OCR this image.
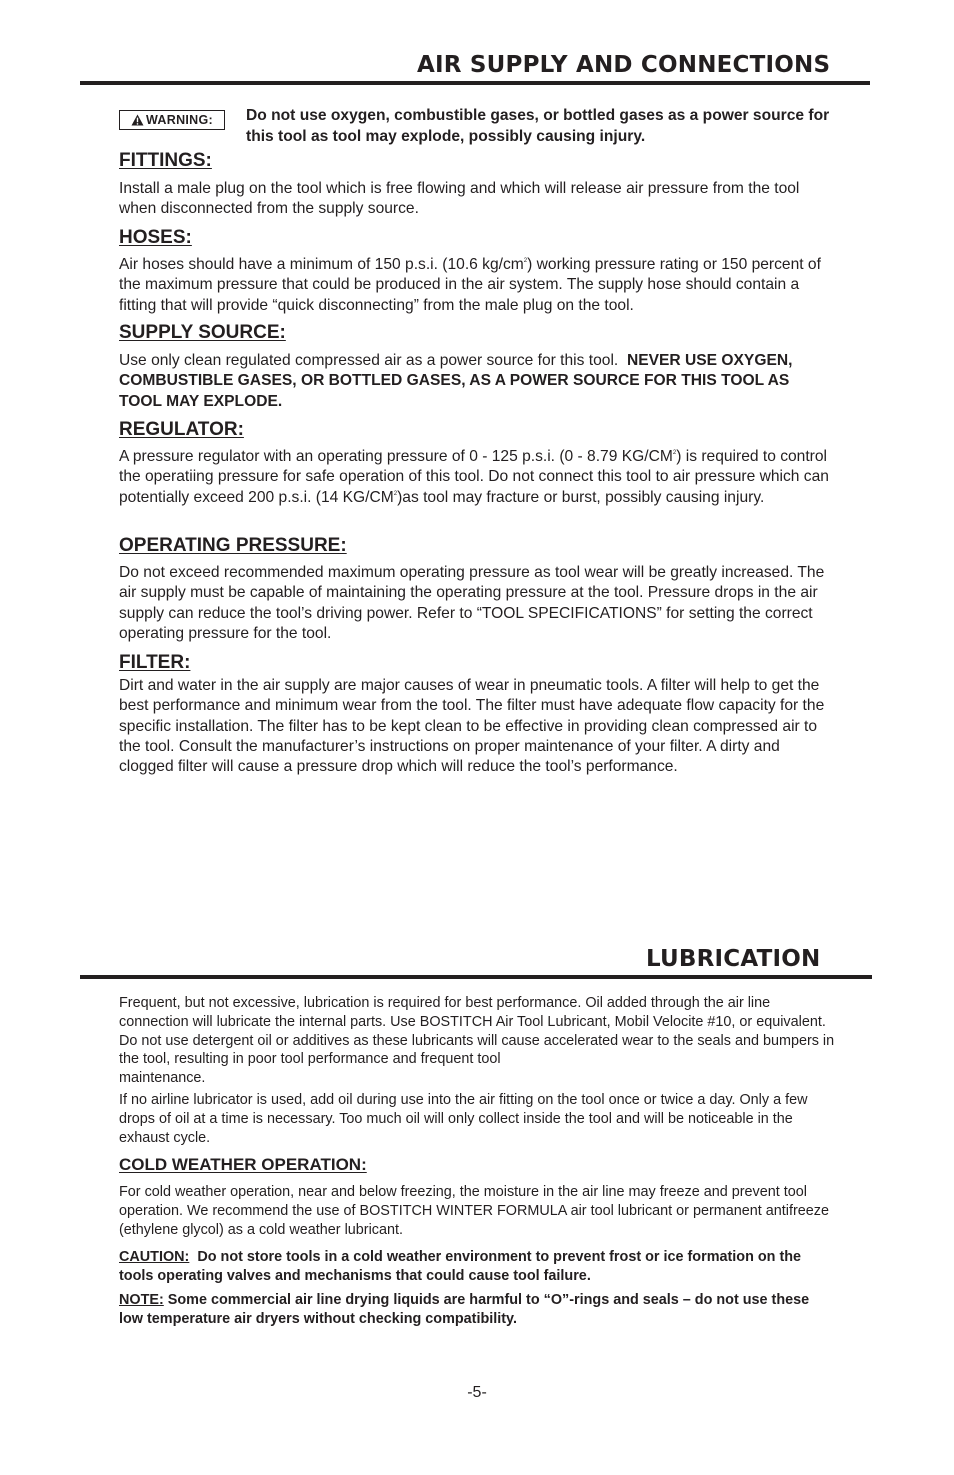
AIR SUPPLY AND CONNECTIONS
WARNING: Do not use oxygen, combustible gases, or bottled gases as a power source for this tool as tool may explode, possibly causing injury.
FITTINGS:
Install a male plug on the tool which is free flowing and which will release air pressure from the tool when disconnected from the supply source.
HOSES:
Air hoses should have a minimum of 150 p.s.i. (10.6 $kg/cm^2$) working pressure rating or 150 percent of the maximum pressure that could be produced in the air system. The supply hose should contain a fitting that will provide “quick disconnecting” from the male plug on the tool.
SUPPLY SOURCE:
Use only clean regulated compressed air as a power source for this tool. NEVER USE OXYGEN, COMBUSTIBLE GASES, OR BOTTLED GASES, AS A POWER SOURCE FOR THIS TOOL AS TOOL MAY EXPLODE.
REGULATOR:
A pressure regulator with an operating pressure of 0 - 125 p.s.i. (0 - 8.79 $KG/CM^2$) is required to control the operatiing pressure for safe operation of this tool. Do not connect this tool to air pressure which can potentially exceed 200 p.s.i. (14 $KG/CM^2)as$ tool may fracture or burst, possibly causing injury.
OPERATING PRESSURE:
Do not exceed recommended maximum operating pressure as tool wear will be greatly increased. The air supply must be capable of maintaining the operating pressure at the tool. Pressure drops in the air supply can reduce the tool’s driving power. Refer to “TOOL SPECIFICATIONS” for setting the correct operating pressure for the tool.
FILTER:
Dirt and water in the air supply are major causes of wear in pneumatic tools. A filter will help to get the best performance and minimum wear from the tool. The filter must have adequate flow capacity for the specific installation. The filter has to be kept clean to be effective in providing clean compressed air to the tool. Consult the manufacturer’s instructions on proper maintenance of your filter. A dirty and clogged filter will cause a pressure drop which will reduce the tool’s performance.
LUBRICATION
Frequent, but not excessive, lubrication is required for best performance. Oil added through the air line connection will lubricate the internal parts. Use BOSTITCH Air Tool Lubricant, Mobil Velocite #10, or equivalent. Do not use detergent oil or additives as these lubricants will cause accelerated wear to the seals and bumpers in the tool, resulting in poor tool performance and frequent tool
maintenance.
If no airline lubricator is used, add oil during use into the air fitting on the tool once or twice a day. Only a few drops of oil at a time is necessary. Too much oil will only collect inside the tool and will be noticeable in the exhaust cycle.
COLD WEATHER OPERATION:
For cold weather operation, near and below freezing, the moisture in the air line may freeze and prevent tool operation. We recommend the use of BOSTITCH WINTER FORMULA air tool lubricant or permanent antifreeze (ethylene glycol) as a cold weather lubricant.
CAUTION: Do not store tools in a cold weather environment to prevent frost or ice formation on the tools operating valves and mechanisms that could cause tool failure.
NOTE: Some commercial air line drying liquids are harmful to “O”-rings and seals – do not use these low temperature air dryers without checking compatibility.
-5-
